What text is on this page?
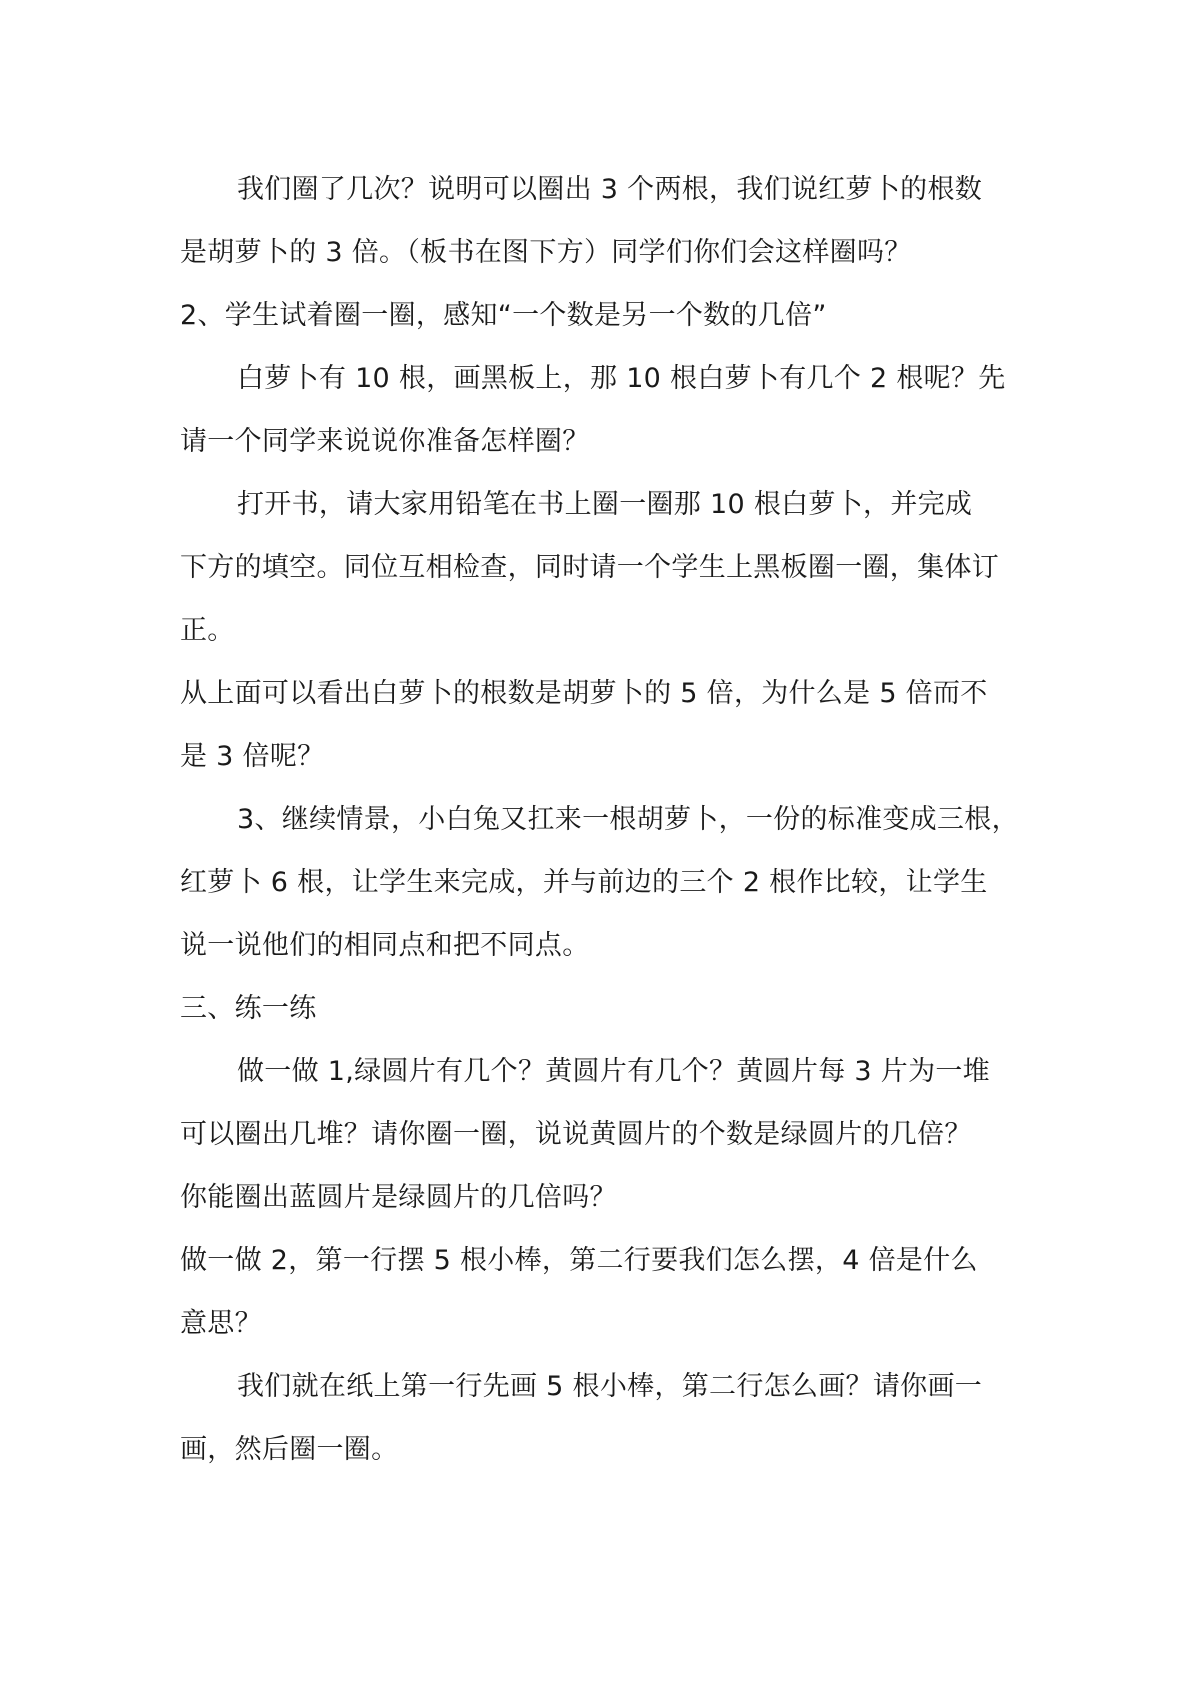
我们圈了几次？说明可以圈出 3 个两根，我们说红萝卜的根数
是胡萝卜的 3 倍。（板书在图下方）同学们你们会这样圈吗？
2、学生试着圈一圈，感知“一个数是另一个数的几倍”
白萝卜有 10 根，画黑板上，那 10 根白萝卜有几个 2 根呢？先
请一个同学来说说你准备怎样圈？
打开书，请大家用铅笔在书上圈一圈那 10 根白萝卜，并完成
下方的填空。同位互相检查，同时请一个学生上黑板圈一圈，集体订
正。
从上面可以看出白萝卜的根数是胡萝卜的 5 倍，为什么是 5 倍而不
是 3 倍呢？
3、继续情景，小白兔又扛来一根胡萝卜，一份的标准变成三根，
红萝卜 6 根，让学生来完成，并与前边的三个 2 根作比较，让学生
说一说他们的相同点和把不同点。
三、练一练
做一做 1,绿圆片有几个？黄圆片有几个？黄圆片每 3 片为一堆
可以圈出几堆？请你圈一圈，说说黄圆片的个数是绿圆片的几倍？
你能圈出蓝圆片是绿圆片的几倍吗？
做一做 2，第一行摆 5 根小棒，第二行要我们怎么摆，4 倍是什么
意思？
我们就在纸上第一行先画 5 根小棒，第二行怎么画？请你画一
画，然后圈一圈。
